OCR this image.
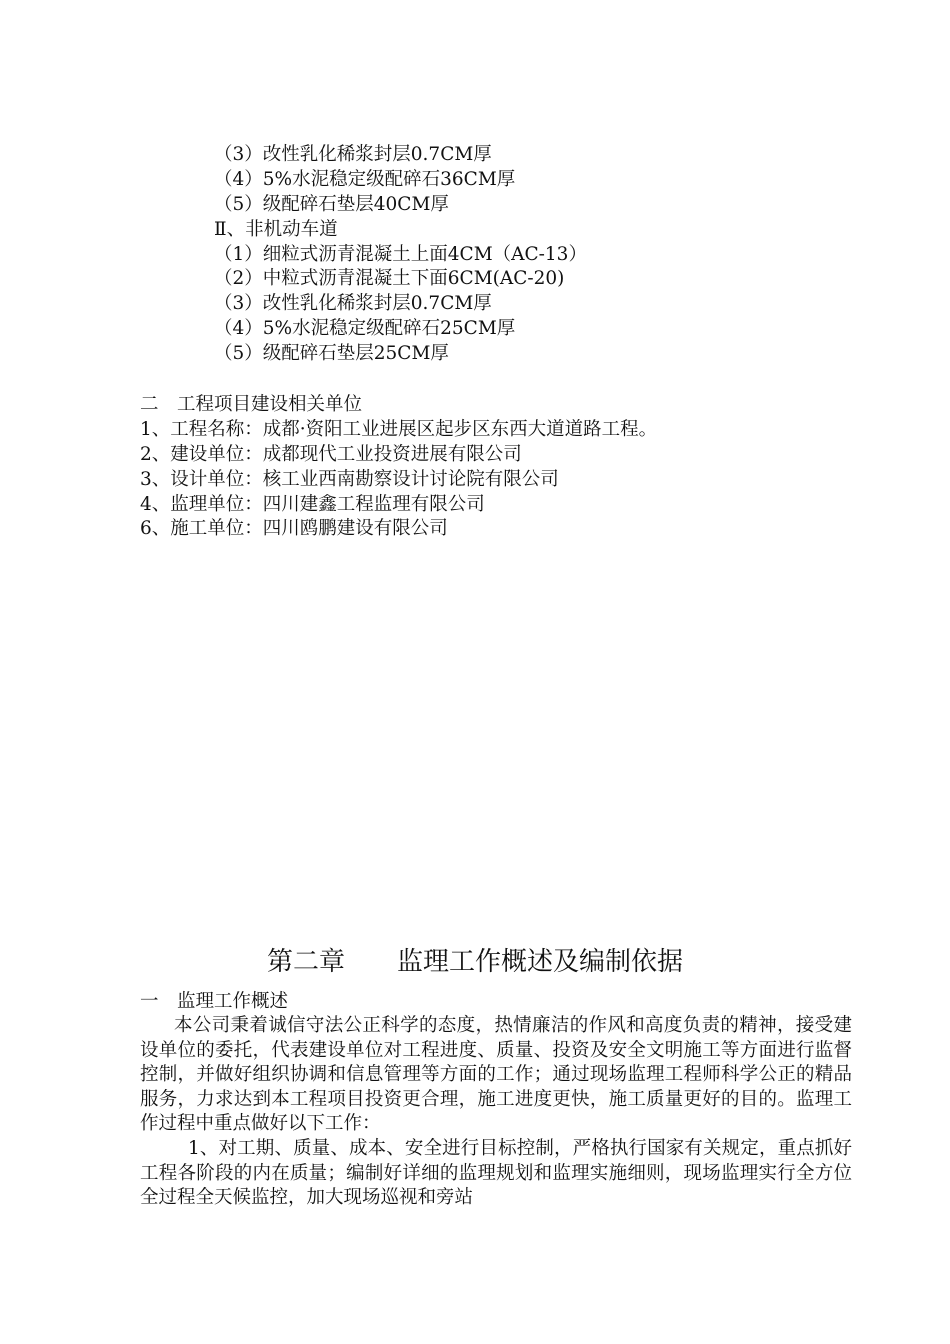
（3）改性乳化稀浆封层0.7CM厚
（4）5%水泥稳定级配碎石36CM厚
（5）级配碎石垫层40CM厚
Ⅱ、非机动车道
（1）细粒式沥青混凝土上面4CM（AC-13）
（2）中粒式沥青混凝土下面6CM(AC-20)
（3）改性乳化稀浆封层0.7CM厚
（4）5%水泥稳定级配碎石25CM厚
（5）级配碎石垫层25CM厚
二　工程项目建设相关单位
1、工程名称：成都·资阳工业进展区起步区东西大道道路工程。
2、建设单位：成都现代工业投资进展有限公司
3、设计单位：核工业西南勘察设计讨论院有限公司
4、监理单位：四川建鑫工程监理有限公司
6、施工单位：四川鸥鹏建设有限公司
第二章　　监理工作概述及编制依据
一　监理工作概述

本公司秉着诚信守法公正科学的态度，热情廉洁的作风和高度负责的精神，接受建设单位的委托，代表建设单位对工程进度、质量、投资及安全文明施工等方面进行监督控制，并做好组织协调和信息管理等方面的工作；通过现场监理工程师科学公正的精品服务，力求达到本工程项目投资更合理，施工进度更快，施工质量更好的目的。监理工作过程中重点做好以下工作：

1、对工期、质量、成本、安全进行目标控制，严格执行国家有关规定，重点抓好工程各阶段的内在质量；编制好详细的监理规划和监理实施细则，现场监理实行全方位全过程全天候监控，加大现场巡视和旁站
